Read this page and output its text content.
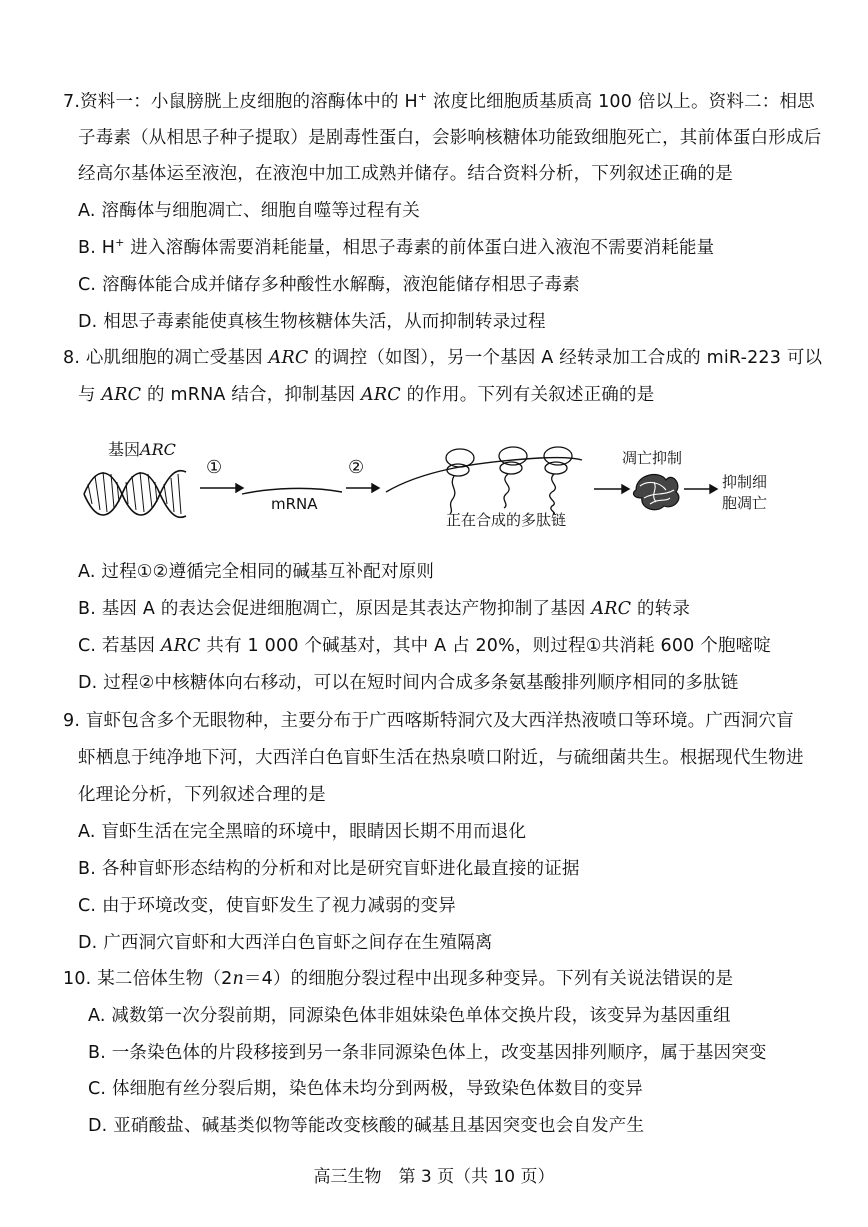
7.资料一：小鼠膀胱上皮细胞的溶酶体中的 H+ 浓度比细胞质基质高 100 倍以上。资料二：相思
子毒素（从相思子种子提取）是剧毒性蛋白，会影响核糖体功能致细胞死亡，其前体蛋白形成后
经高尔基体运至液泡，在液泡中加工成熟并储存。结合资料分析，下列叙述正确的是
A. 溶酶体与细胞凋亡、细胞自噬等过程有关
B. H+ 进入溶酶体需要消耗能量，相思子毒素的前体蛋白进入液泡不需要消耗能量
C. 溶酶体能合成并储存多种酸性水解酶，液泡能储存相思子毒素
D. 相思子毒素能使真核生物核糖体失活，从而抑制转录过程
8. 心肌细胞的凋亡受基因 ARC 的调控（如图），另一个基因 A 经转录加工合成的 miR-223 可以
与 ARC 的 mRNA 结合，抑制基因 ARC 的作用。下列有关叙述正确的是
基因ARC
①
mRNA
②
正在合成的多肽链
凋亡抑制
抑制细
胞凋亡
A. 过程①②遵循完全相同的碱基互补配对原则
B. 基因 A 的表达会促进细胞凋亡，原因是其表达产物抑制了基因 ARC 的转录
C. 若基因 ARC 共有 1 000 个碱基对，其中 A 占 20%，则过程①共消耗 600 个胞嘧啶
D. 过程②中核糖体向右移动，可以在短时间内合成多条氨基酸排列顺序相同的多肽链
9. 盲虾包含多个无眼物种，主要分布于广西喀斯特洞穴及大西洋热液喷口等环境。广西洞穴盲
虾栖息于纯净地下河，大西洋白色盲虾生活在热泉喷口附近，与硫细菌共生。根据现代生物进
化理论分析，下列叙述合理的是
A. 盲虾生活在完全黑暗的环境中，眼睛因长期不用而退化
B. 各种盲虾形态结构的分析和对比是研究盲虾进化最直接的证据
C. 由于环境改变，使盲虾发生了视力减弱的变异
D. 广西洞穴盲虾和大西洋白色盲虾之间存在生殖隔离
10. 某二倍体生物（2n＝4）的细胞分裂过程中出现多种变异。下列有关说法错误的是
A. 减数第一次分裂前期，同源染色体非姐妹染色单体交换片段，该变异为基因重组
B. 一条染色体的片段移接到另一条非同源染色体上，改变基因排列顺序，属于基因突变
C. 体细胞有丝分裂后期，染色体未均分到两极，导致染色体数目的变异
D. 亚硝酸盐、碱基类似物等能改变核酸的碱基且基因突变也会自发产生
高三生物　第 3 页（共 10 页）
